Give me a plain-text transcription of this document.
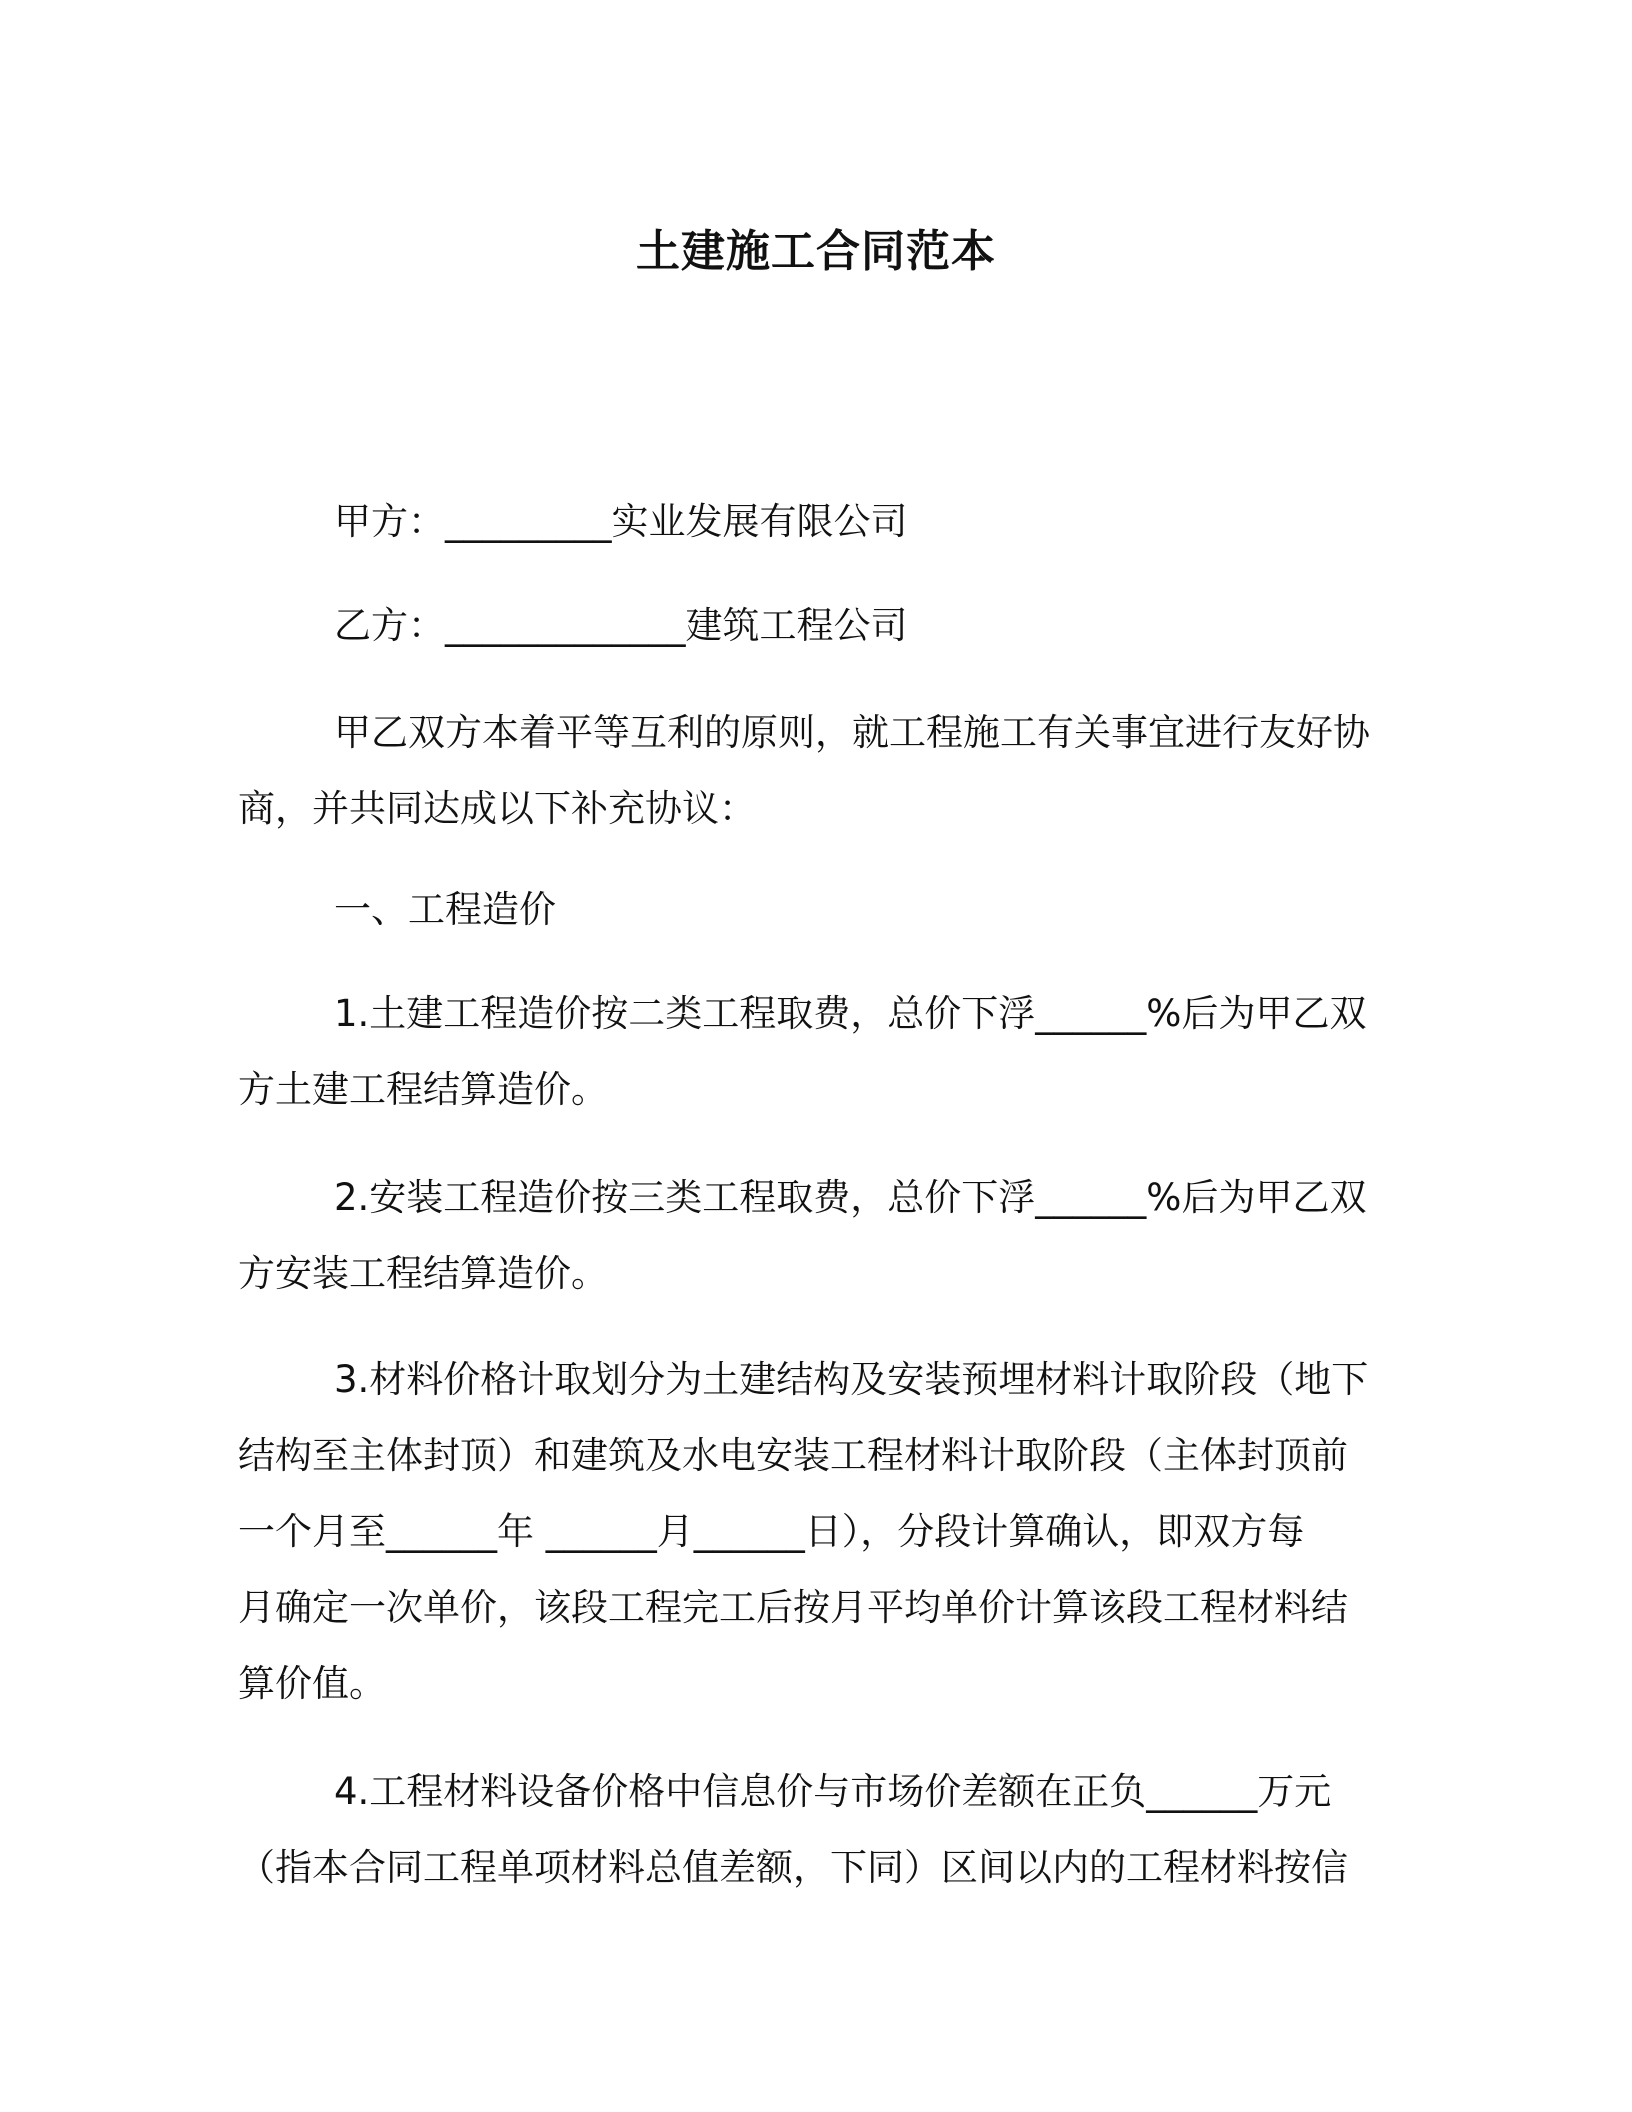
土建施工合同范本
甲方：_________实业发展有限公司
乙方：_____________建筑工程公司
甲乙双方本着平等互利的原则，就工程施工有关事宜进行友好协
商，并共同达成以下补充协议：
一、工程造价
1.土建工程造价按二类工程取费，总价下浮______%后为甲乙双
方土建工程结算造价。
2.安装工程造价按三类工程取费，总价下浮______%后为甲乙双
方安装工程结算造价。
3.材料价格计取划分为土建结构及安装预埋材料计取阶段（地下
结构至主体封顶）和建筑及水电安装工程材料计取阶段（主体封顶前
一个月至______年 ______月______日），分段计算确认，即双方每
月确定一次单价，该段工程完工后按月平均单价计算该段工程材料结
算价值。
4.工程材料设备价格中信息价与市场价差额在正负______万元
（指本合同工程单项材料总值差额，下同）区间以内的工程材料按信
